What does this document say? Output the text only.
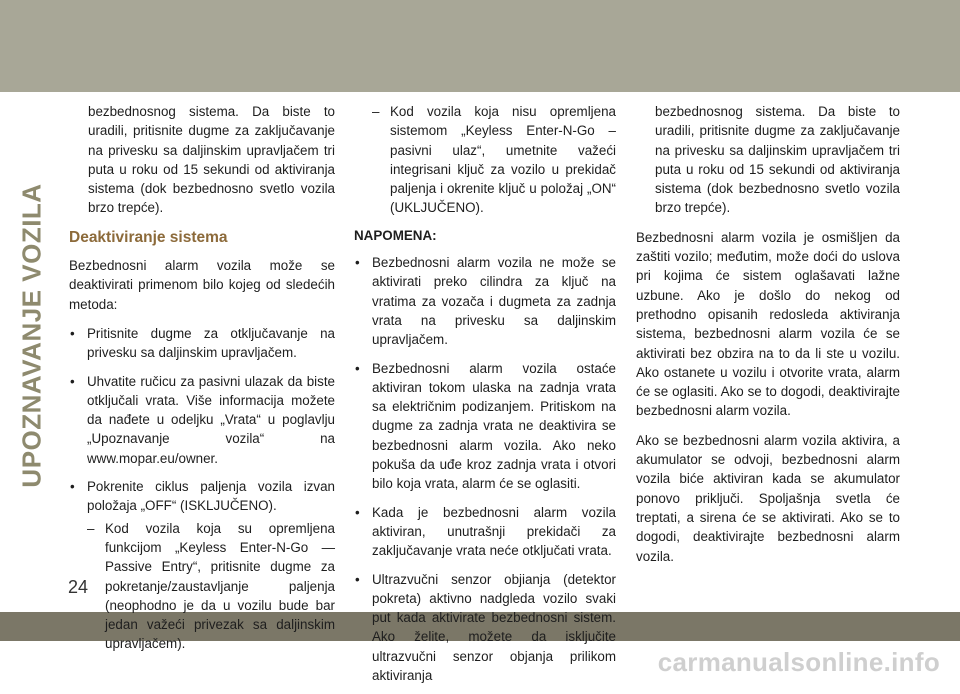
UPOZNAVANJE VOZILA

bezbednosnog sistema. Da biste to uradili, pritisnite dugme za zaključavanje na privesku sa daljinskim upravljačem tri puta u roku od 15 sekundi od aktiviranja sistema (dok bezbednosno svetlo vozila brzo trepće).

Deaktiviranje sistema

Bezbednosni alarm vozila može se deaktivirati primenom bilo kojeg od sledećih metoda:

• Pritisnite dugme za otključavanje na privesku sa daljinskim upravljačem.
• Uhvatite ručicu za pasivni ulazak da biste otključali vrata. Više informacija možete da nađete u odeljku „Vrata“ u poglavlju „Upoznavanje vozila“ na www.mopar.eu/owner.
• Pokrenite ciklus paljenja vozila izvan položaja „OFF“ (ISKLJUČENO).
– Kod vozila koja su opremljena funkcijom „Keyless Enter-N-Go — Passive Entry“, pritisnite dugme za pokretanje/zaustavljanje paljenja (neophodno je da u vozilu bude bar jedan važeći privezak sa daljinskim upravljačem).
– Kod vozila koja nisu opremljena sistemom „Keyless Enter-N-Go – pasivni ulaz“, umetnite važeći integrisani ključ za vozilo u prekidač paljenja i okrenite ključ u položaj „ON“ (UKLJUČENO).
NAPOMENA:
• Bezbednosni alarm vozila ne može se aktivirati preko cilindra za ključ na vratima za vozača i dugmeta za zadnja vrata na privesku sa daljinskim upravljačem.
• Bezbednosni alarm vozila ostaće aktiviran tokom ulaska na zadnja vrata sa električnim podizanjem. Pritiskom na dugme za zadnja vrata ne deaktivira se bezbednosni alarm vozila. Ako neko pokuša da uđe kroz zadnja vrata i otvori bilo koja vrata, alarm će se oglasiti.
• Kada je bezbednosni alarm vozila aktiviran, unutrašnji prekidači za zaključavanje vrata neće otključati vrata.
• Ultrazvučni senzor objianja (detektor pokreta) aktivno nadgleda vozilo svaki put kada aktivirate bezbednosni sistem. Ako želite, možete da isključite ultrazvučni senzor objanja prilikom aktiviranja

bezbednosnog sistema. Da biste to uradili, pritisnite dugme za zaključavanje na privesku sa daljinskim upravljačem tri puta u roku od 15 sekundi od aktiviranja sistema (dok bezbednosno svetlo vozila brzo trepće).

Bezbednosni alarm vozila je osmišljen da zaštiti vozilo; međutim, može doći do uslova pri kojima će sistem oglašavati lažne uzbune. Ako je došlo do nekog od prethodno opisanih redosleda aktiviranja sistema, bezbednosni alarm vozila će se aktivirati bez obzira na to da li ste u vozilu. Ako ostanete u vozilu i otvorite vrata, alarm će se oglasiti. Ako se to dogodi, deaktivirajte bezbednosni alarm vozila.

Ako se bezbednosni alarm vozila aktivira, a akumulator se odvoji, bezbednosni alarm vozila biće aktiviran kada se akumulator ponovo priključi. Spoljašnja svetla će treptati, a sirena će se aktivirati. Ako se to dogodi, deaktivirajte bezbednosni alarm vozila.

24
carmanualsonline.info
